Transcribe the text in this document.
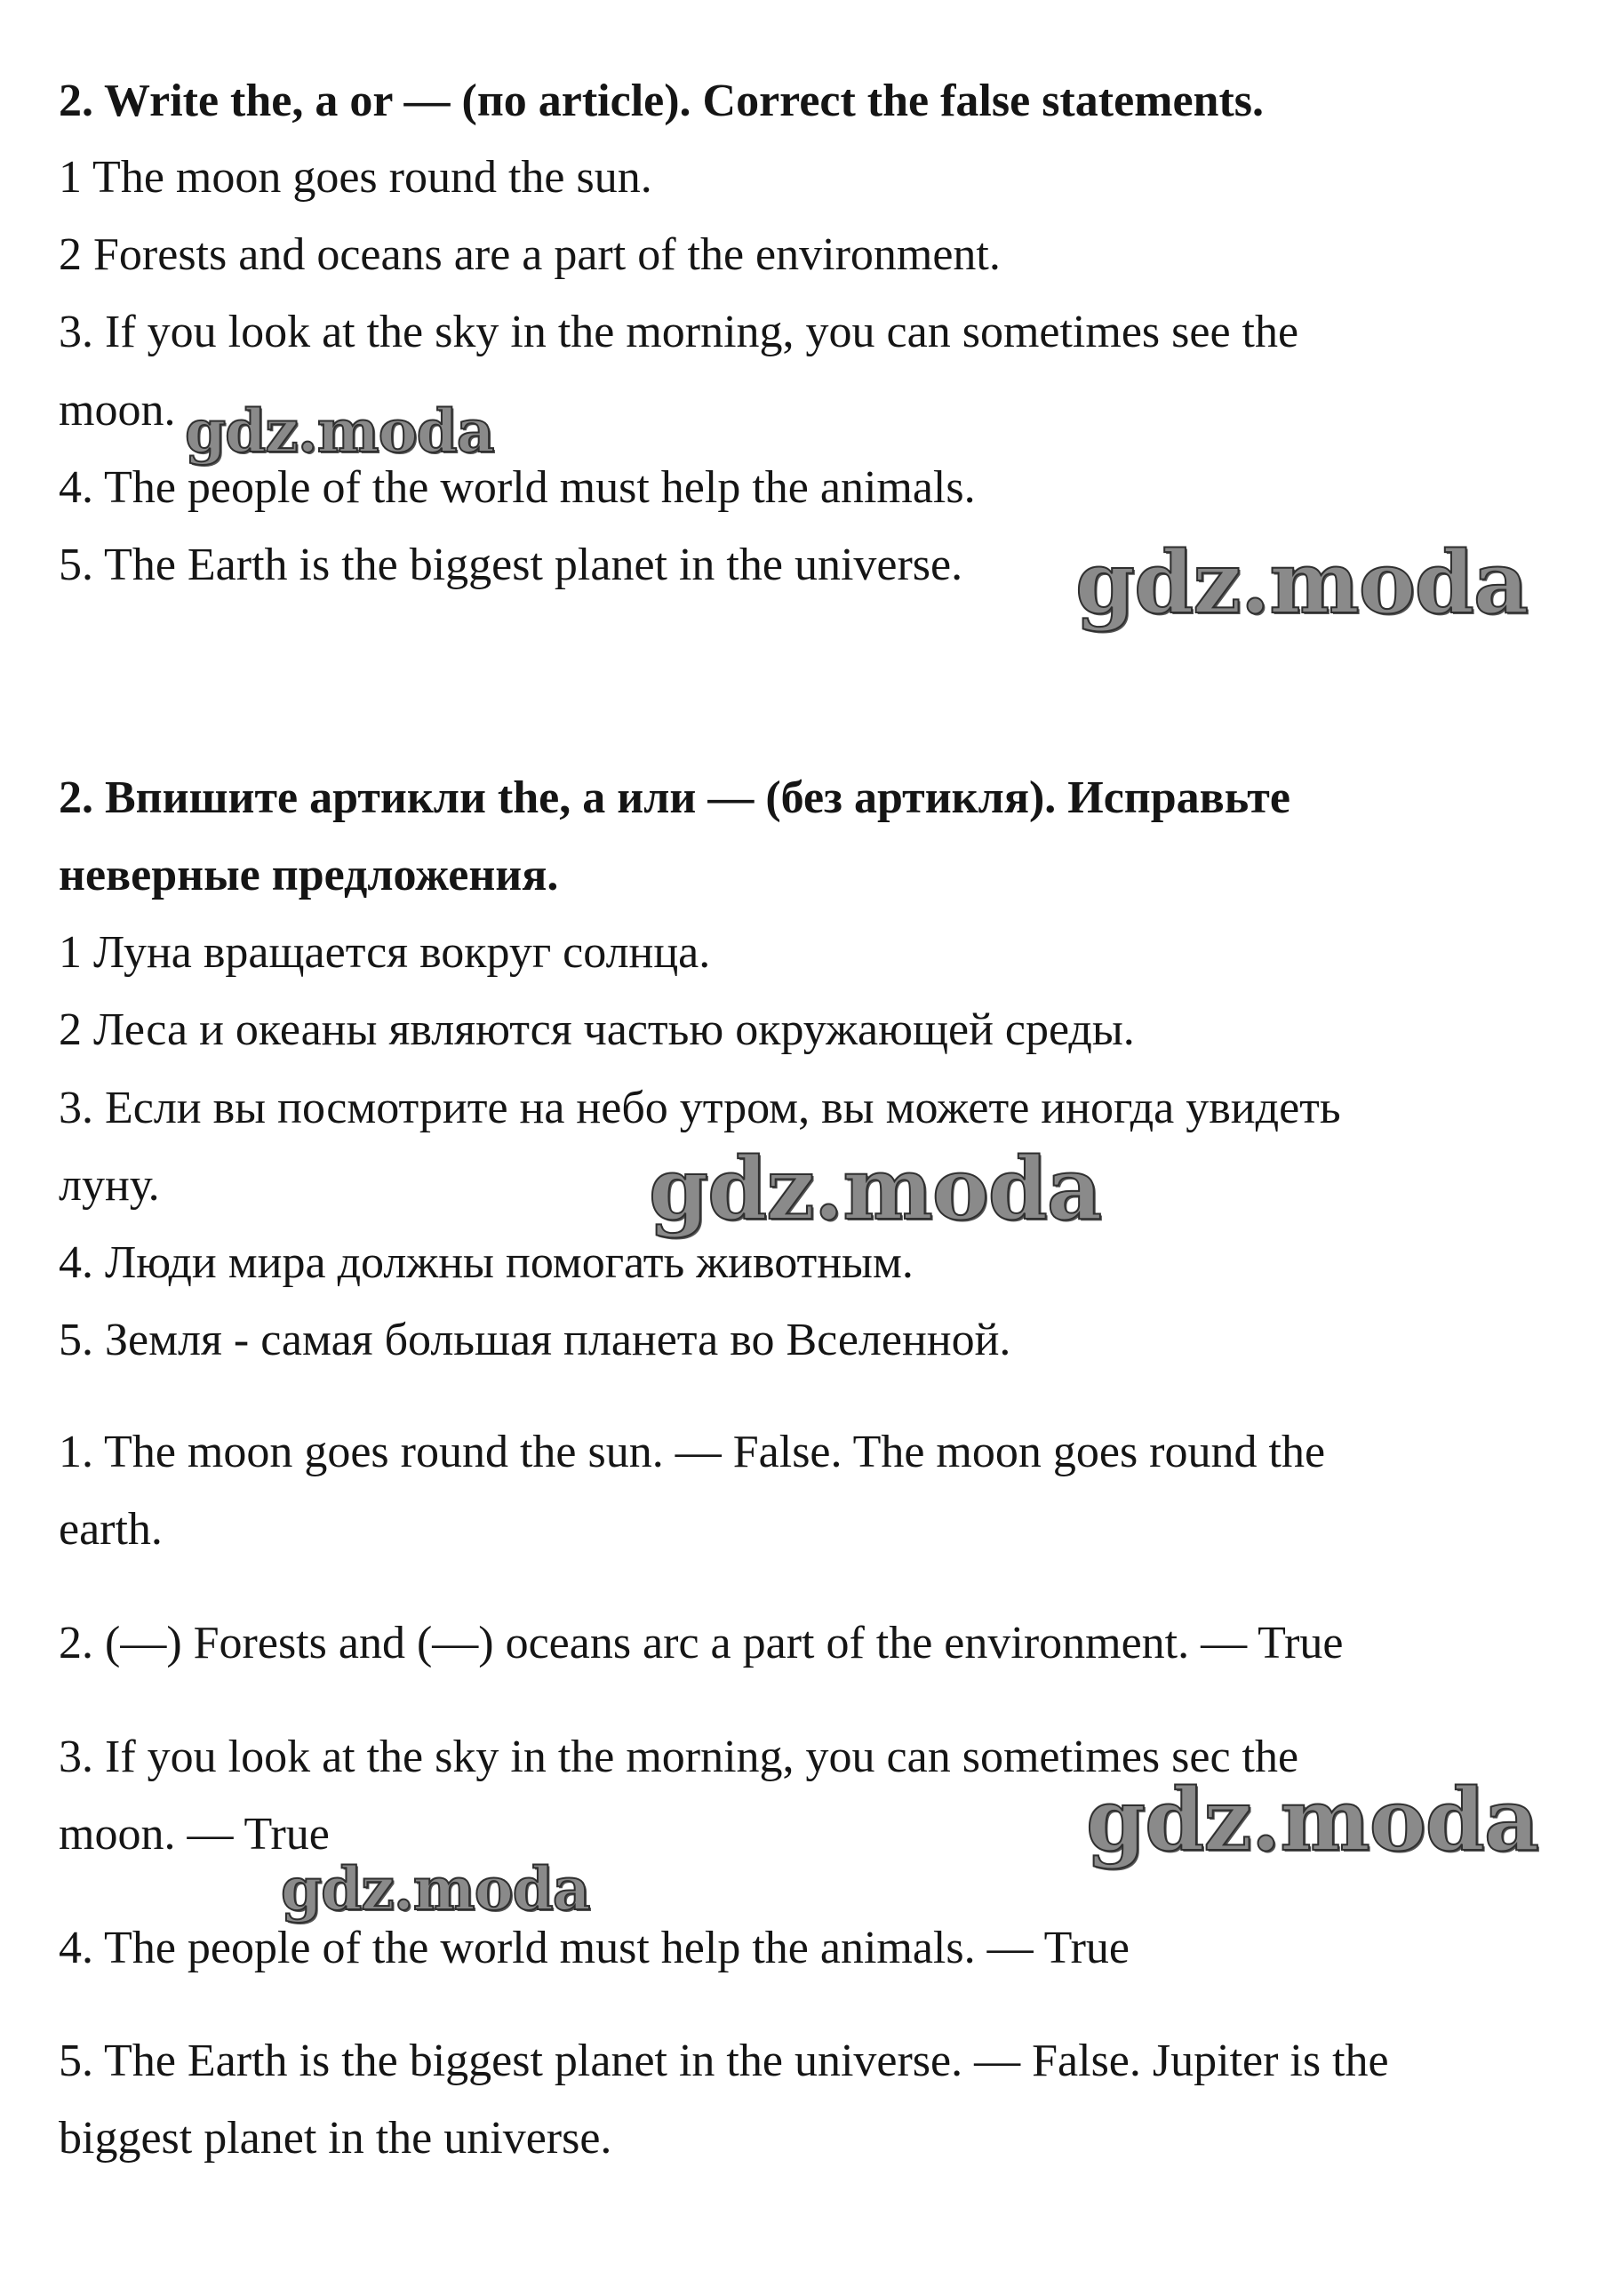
2. Write the, a or — (по article). Correct the false statements.

1 The moon goes round the sun.

2 Forests and oceans are a part of the environment.

3. If you look at the sky in the morning, you can sometimes see the

moon.

4. The people of the world must help the animals.

5. The Earth is the biggest planet in the universe.

2. Впишите артикли the, а или — (без артикля). Исправьте

неверные предложения.

1 Луна вращается вокруг солнца.

2 Леса и океаны являются частью окружающей среды.

3. Если вы посмотрите на небо утром, вы можете иногда увидеть

луну.

4. Люди мира должны помогать животным.

5. Земля - самая большая планета во Вселенной.

1. The moon goes round the sun. — False. The moon goes round the

earth.

2. (—) Forests and (—) oceans arc a part of the environment. — True

3. If you look at the sky in the morning, you can sometimes sec the

moon. — True

4. The people of the world must help the animals. — True

5. The Earth is the biggest planet in the universe. — False. Jupiter is the

biggest planet in the universe.

gdz.moda
gdz.moda
gdz.moda
gdz.moda
gdz.moda
